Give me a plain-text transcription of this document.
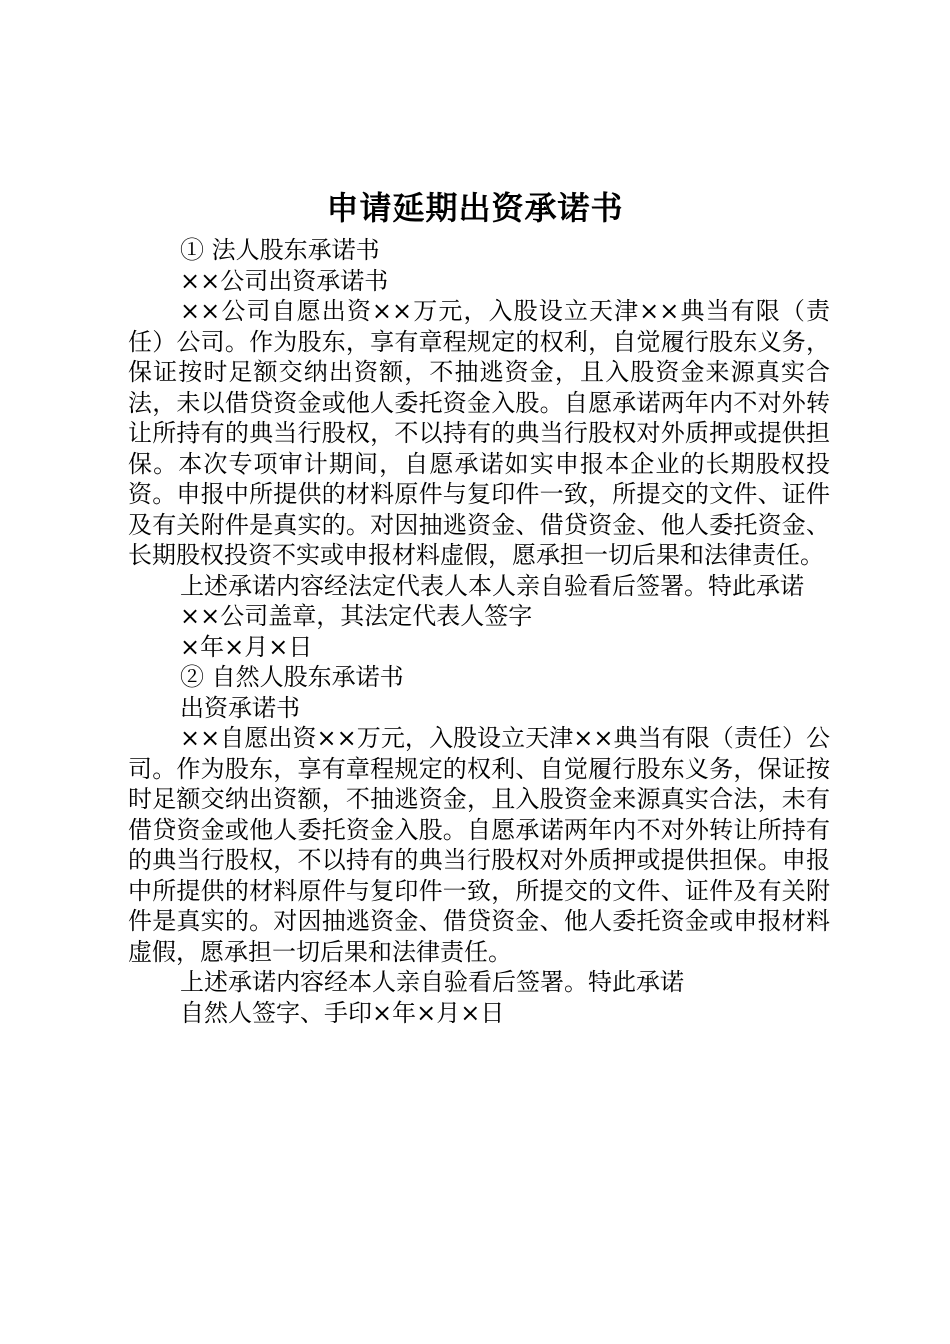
申请延期出资承诺书

① 法人股东承诺书

××公司出资承诺书

××公司自愿出资××万元，入股设立天津××典当有限（责任）公司。作为股东，享有章程规定的权利，自觉履行股东义务，保证按时足额交纳出资额，不抽逃资金，且入股资金来源真实合法，未以借贷资金或他人委托资金入股。自愿承诺两年内不对外转让所持有的典当行股权，不以持有的典当行股权对外质押或提供担保。本次专项审计期间，自愿承诺如实申报本企业的长期股权投资。申报中所提供的材料原件与复印件一致，所提交的文件、证件及有关附件是真实的。对因抽逃资金、借贷资金、他人委托资金、长期股权投资不实或申报材料虚假，愿承担一切后果和法律责任。

上述承诺内容经法定代表人本人亲自验看后签署。特此承诺

××公司盖章，其法定代表人签字

×年×月×日

② 自然人股东承诺书

出资承诺书

××自愿出资××万元，入股设立天津××典当有限（责任）公司。作为股东，享有章程规定的权利、自觉履行股东义务，保证按时足额交纳出资额，不抽逃资金，且入股资金来源真实合法，未有借贷资金或他人委托资金入股。自愿承诺两年内不对外转让所持有的典当行股权，不以持有的典当行股权对外质押或提供担保。申报中所提供的材料原件与复印件一致，所提交的文件、证件及有关附件是真实的。对因抽逃资金、借贷资金、他人委托资金或申报材料虚假，愿承担一切后果和法律责任。

上述承诺内容经本人亲自验看后签署。特此承诺

自然人签字、手印×年×月×日
